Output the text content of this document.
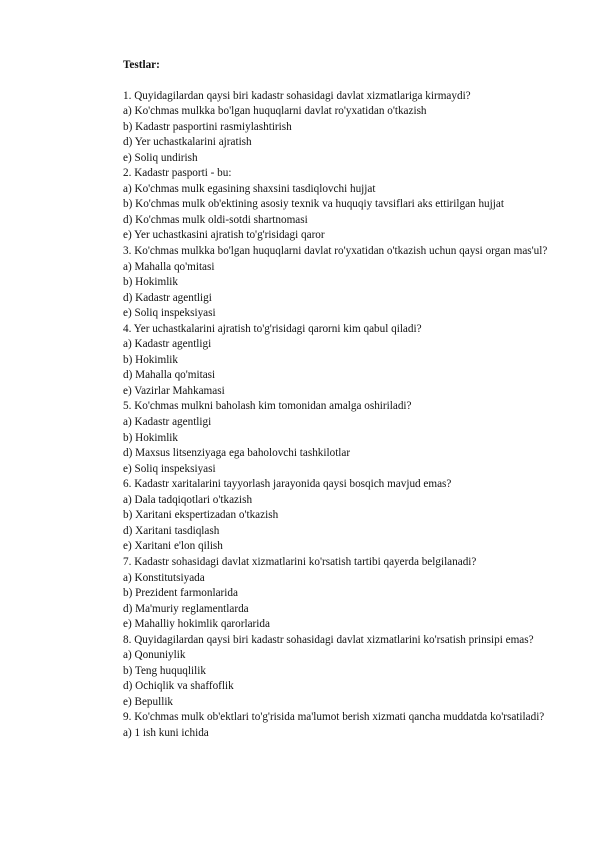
Testlar:
1. Quyidagilardan qaysi biri kadastr sohasidagi davlat xizmatlariga kirmaydi?
a) Ko'chmas mulkka bo'lgan huquqlarni davlat ro'yxatidan o'tkazish
b) Kadastr pasportini rasmiylashtirish
d) Yer uchastkalarini ajratish
e) Soliq undirish
2. Kadastr pasporti - bu:
a) Ko'chmas mulk egasining shaxsini tasdiqlovchi hujjat
b) Ko'chmas mulk ob'ektining asosiy texnik va huquqiy tavsiflari aks ettirilgan hujjat
d) Ko'chmas mulk oldi-sotdi shartnomasi
e) Yer uchastkasini ajratish to'g'risidagi qaror
3. Ko'chmas mulkka bo'lgan huquqlarni davlat ro'yxatidan o'tkazish uchun qaysi organ mas'ul?
a) Mahalla qo'mitasi
b) Hokimlik
d) Kadastr agentligi
e) Soliq inspeksiyasi
4. Yer uchastkalarini ajratish to'g'risidagi qarorni kim qabul qiladi?
a) Kadastr agentligi
b) Hokimlik
d) Mahalla qo'mitasi
e) Vazirlar Mahkamasi
5. Ko'chmas mulkni baholash kim tomonidan amalga oshiriladi?
a) Kadastr agentligi
b) Hokimlik
d) Maxsus litsenziyaga ega baholovchi tashkilotlar
e) Soliq inspeksiyasi
6. Kadastr xaritalarini tayyorlash jarayonida qaysi bosqich mavjud emas?
a) Dala tadqiqotlari o'tkazish
b) Xaritani ekspertizadan o'tkazish
d) Xaritani tasdiqlash
e) Xaritani e'lon qilish
7. Kadastr sohasidagi davlat xizmatlarini ko'rsatish tartibi qayerda belgilanadi?
a) Konstitutsiyada
b) Prezident farmonlarida
d) Ma'muriy reglamentlarda
e) Mahalliy hokimlik qarorlarida
8. Quyidagilardan qaysi biri kadastr sohasidagi davlat xizmatlarini ko'rsatish prinsipi emas?
a) Qonuniylik
b) Teng huquqlilik
d) Ochiqlik va shaffoflik
e) Bepullik
9. Ko'chmas mulk ob'ektlari to'g'risida ma'lumot berish xizmati qancha muddatda ko'rsatiladi?
a) 1 ish kuni ichida
